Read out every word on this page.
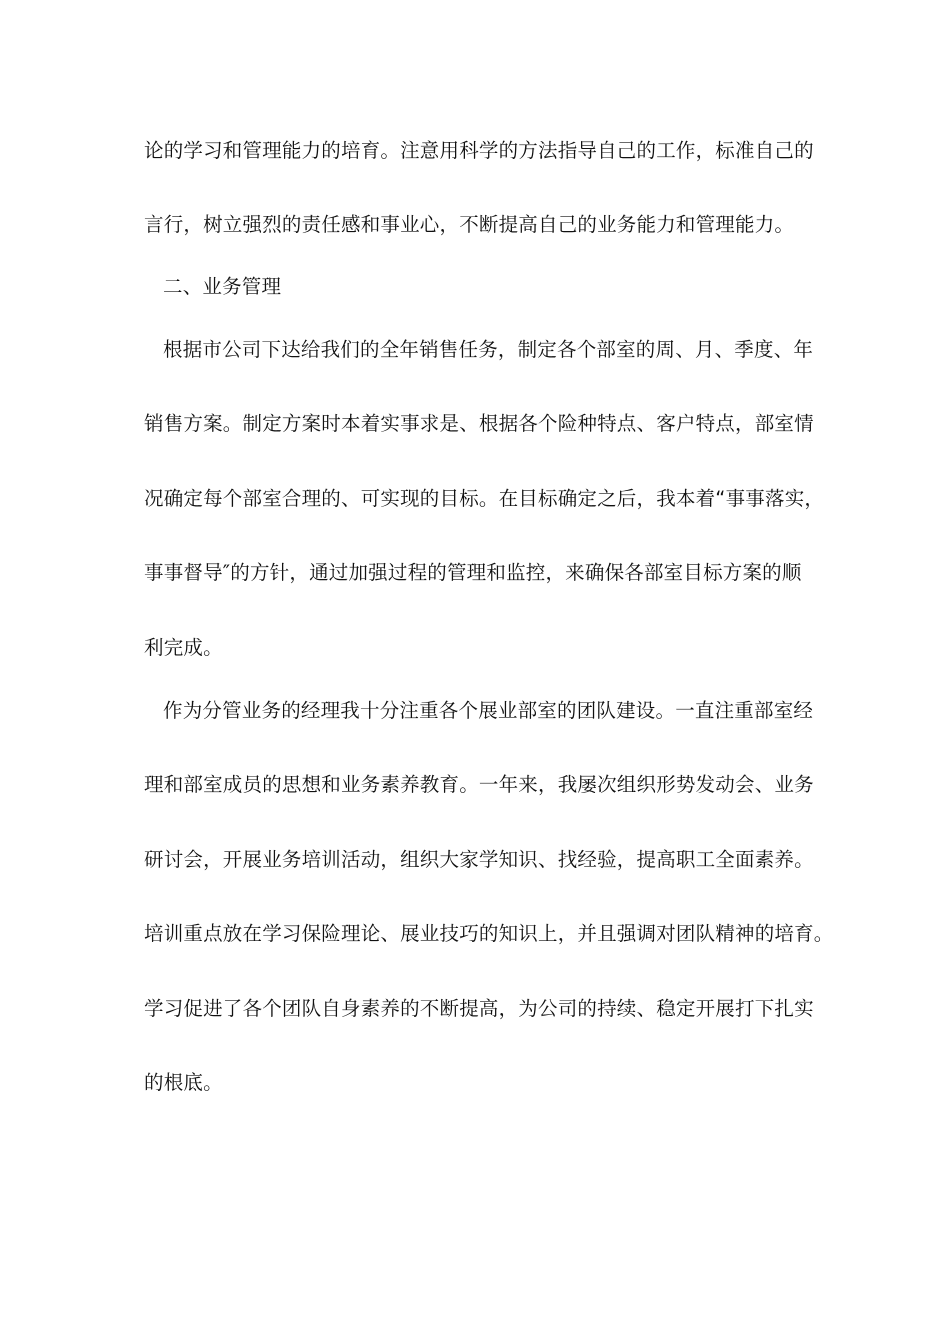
论的学习和管理能力的培育。注意用科学的方法指导自己的工作，标准自己的
言行，树立强烈的责任感和事业心，不断提高自己的业务能力和管理能力。
二、业务管理
根据市公司下达给我们的全年销售任务，制定各个部室的周、月、季度、年
销售方案。制定方案时本着实事求是、根据各个险种特点、客户特点，部室情
况确定每个部室合理的、可实现的目标。在目标确定之后，我本着“事事落实，
事事督导″的方针，通过加强过程的管理和监控，来确保各部室目标方案的顺
利完成。
作为分管业务的经理我十分注重各个展业部室的团队建设。一直注重部室经
理和部室成员的思想和业务素养教育。一年来，我屡次组织形势发动会、业务
研讨会，开展业务培训活动，组织大家学知识、找经验，提高职工全面素养。
培训重点放在学习保险理论、展业技巧的知识上，并且强调对团队精神的培育。
学习促进了各个团队自身素养的不断提高，为公司的持续、稳定开展打下扎实
的根底。
